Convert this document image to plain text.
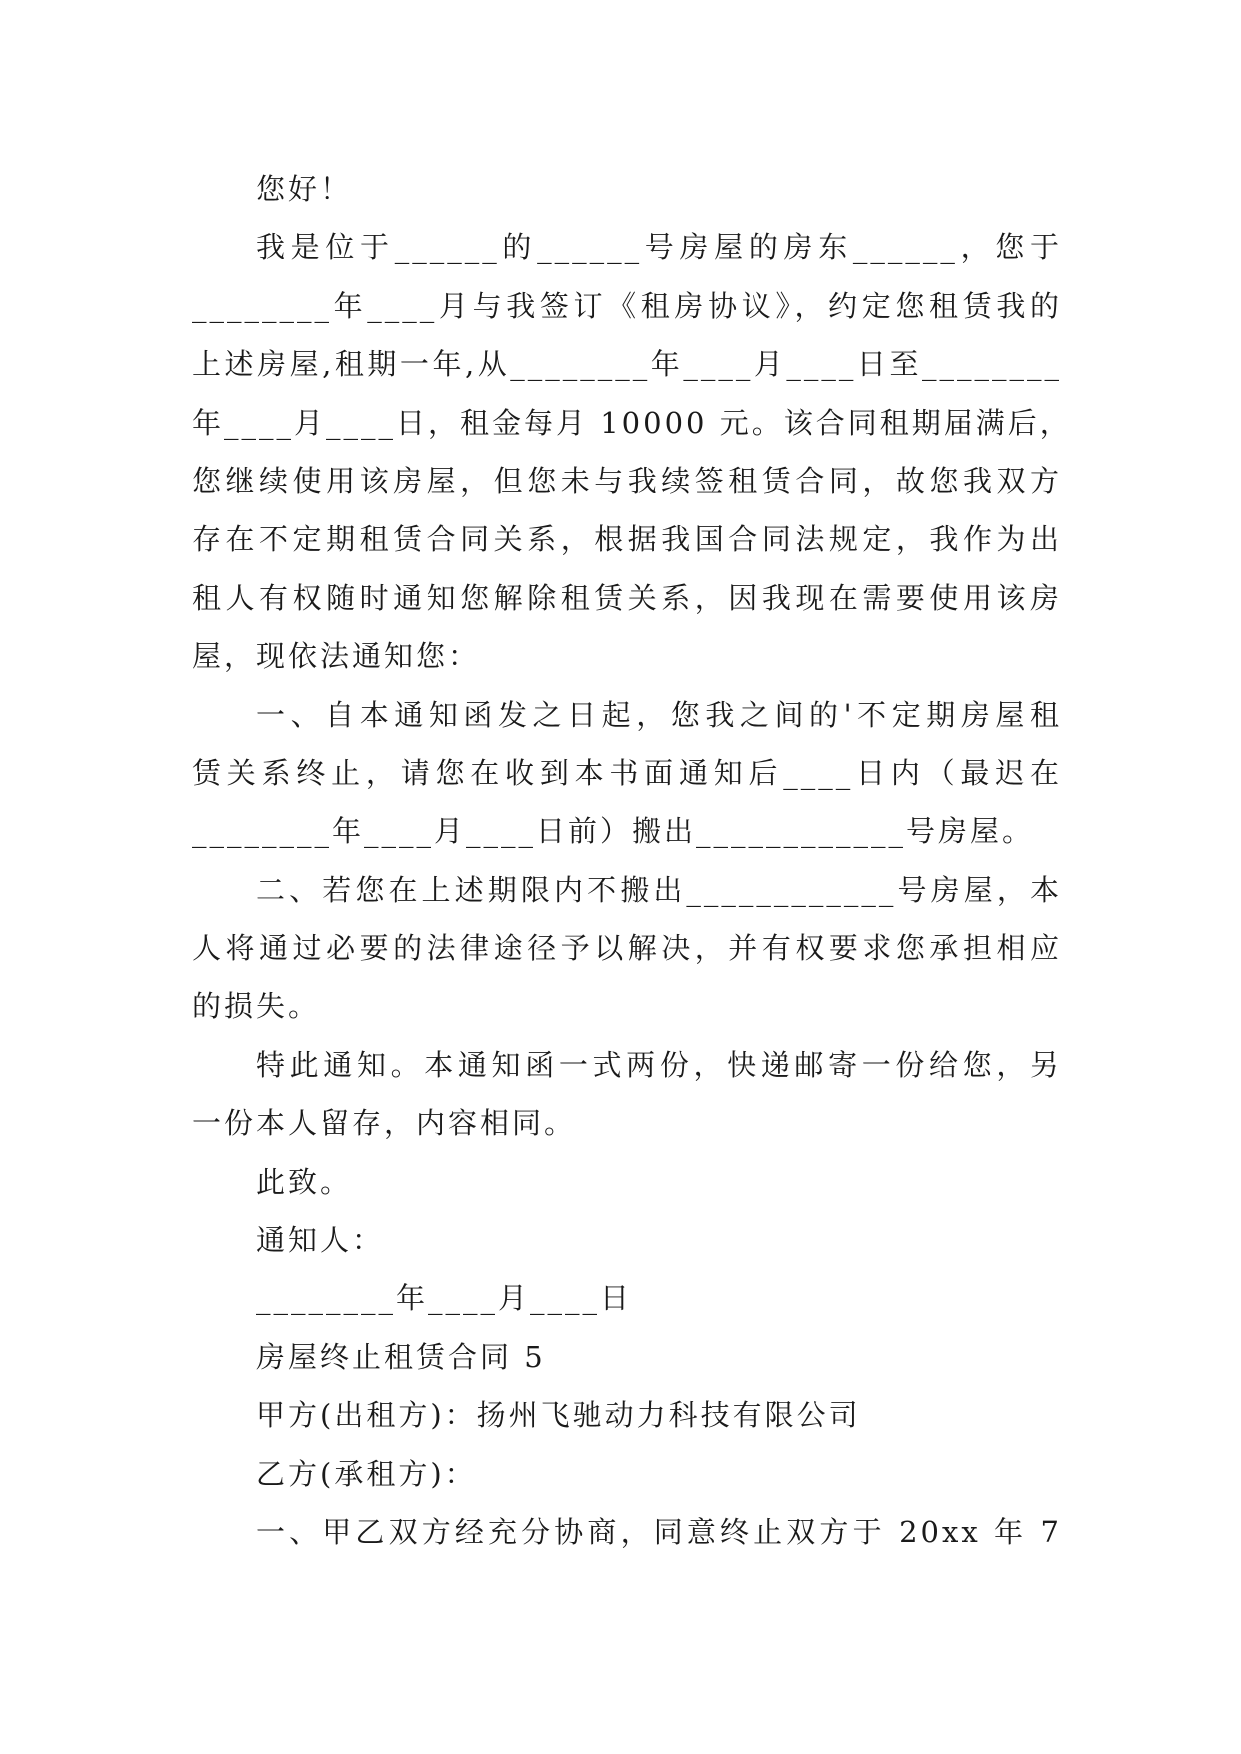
您好！
我是位于______的______号房屋的房东______，您于
________年____月与我签订《租房协议》，约定您租赁我的
上述房屋,租期一年,从________年____月____日至________
年____月____日，租金每月 10000 元。该合同租期届满后，
您继续使用该房屋，但您未与我续签租赁合同，故您我双方
存在不定期租赁合同关系，根据我国合同法规定，我作为出
租人有权随时通知您解除租赁关系，因我现在需要使用该房
屋，现依法通知您：
一、自本通知函发之日起，您我之间的'不定期房屋租
赁关系终止，请您在收到本书面通知后____日内（最迟在
________年____月____日前）搬出____________号房屋。
二、若您在上述期限内不搬出____________号房屋，本
人将通过必要的法律途径予以解决，并有权要求您承担相应
的损失。
特此通知。本通知函一式两份，快递邮寄一份给您，另
一份本人留存，内容相同。
此致。
通知人：
________年____月____日
房屋终止租赁合同 5
甲方(出租方)：扬州飞驰动力科技有限公司
乙方(承租方)：
一、甲乙双方经充分协商，同意终止双方于 20xx 年 7
